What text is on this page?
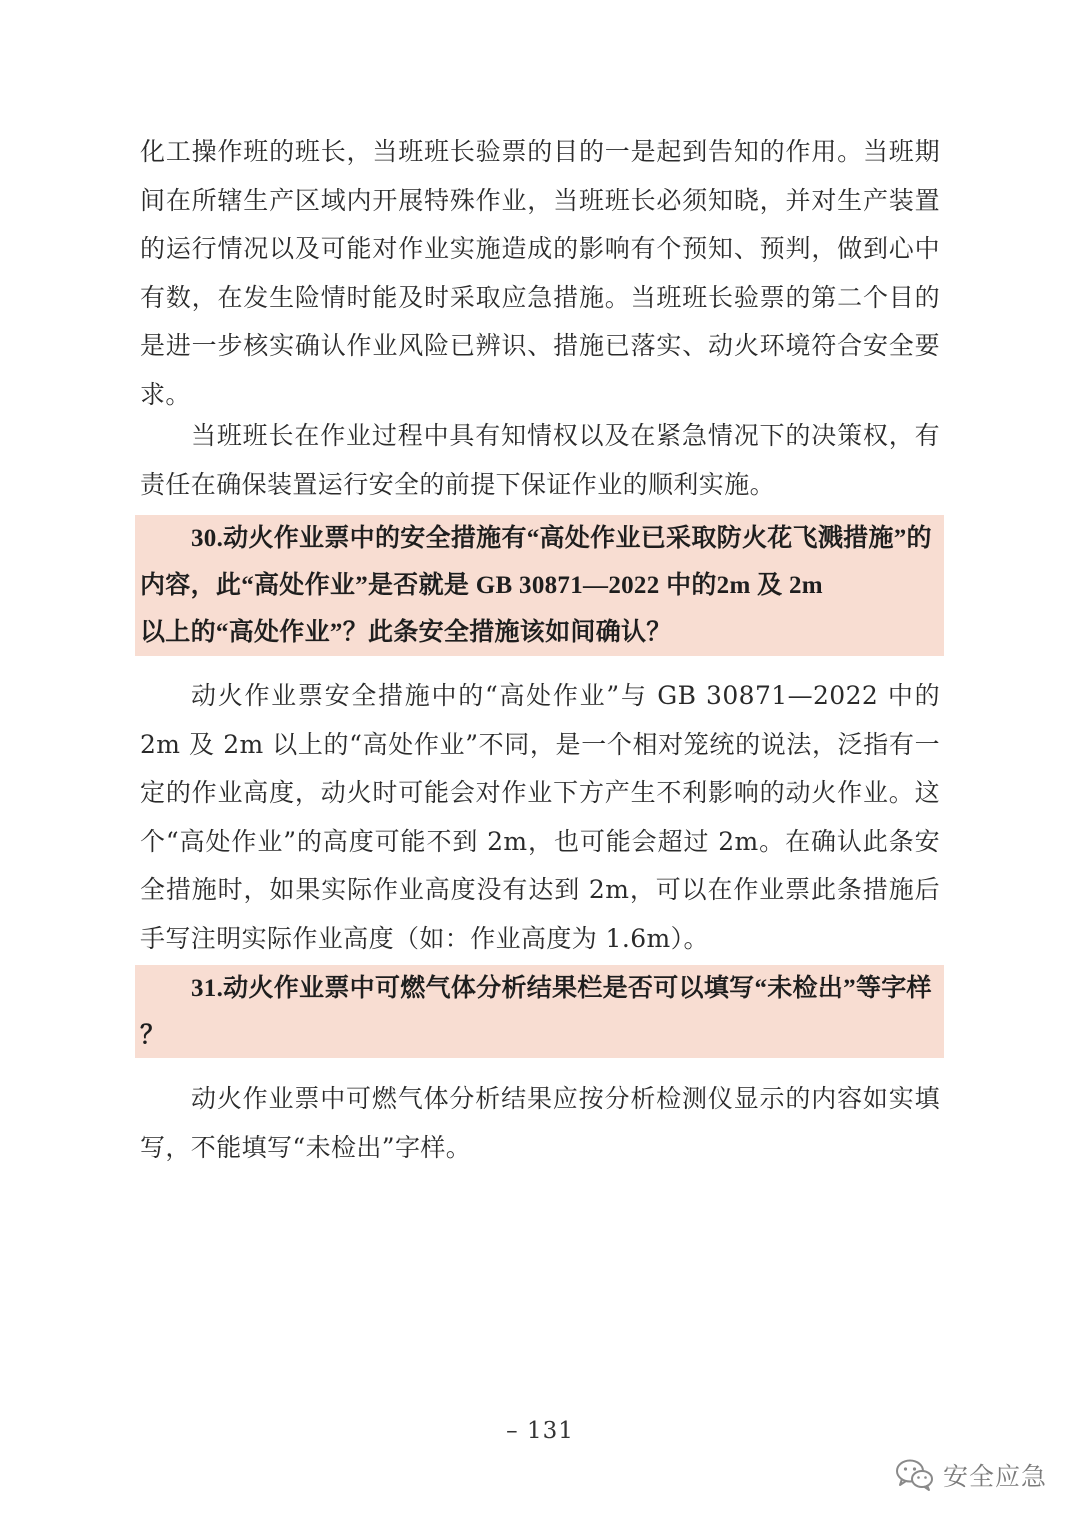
化工操作班的班长，当班班长验票的目的一是起到告知的作用。当班期间在所辖生产区域内开展特殊作业，当班班长必须知晓，并对生产装置的运行情况以及可能对作业实施造成的影响有个预知、预判，做到心中有数，在发生险情时能及时采取应急措施。当班班长验票的第二个目的是进一步核实确认作业风险已辨识、措施已落实、动火环境符合安全要求。

当班班长在作业过程中具有知情权以及在紧急情况下的决策权，有责任在确保装置运行安全的前提下保证作业的顺利实施。

30.动火作业票中的安全措施有“高处作业已采取防火花飞溅措施”的
内容，此“高处作业”是否就是 GB 30871—2022 中的2m 及 2m
以上的“高处作业”？此条安全措施该如间确认？

动火作业票安全措施中的“高处作业”与 GB 30871—2022 中的 2m 及 2m 以上的“高处作业”不同，是一个相对笼统的说法，泛指有一定的作业高度，动火时可能会对作业下方产生不利影响的动火作业。这个“高处作业”的高度可能不到 2m，也可能会超过 2m。在确认此条安全措施时，如果实际作业高度没有达到 2m，可以在作业票此条措施后手写注明实际作业高度（如：作业高度为 1.6m）。

31.动火作业票中可燃气体分析结果栏是否可以填写“未检出”等字样
？

动火作业票中可燃气体分析结果应按分析检测仪显示的内容如实填写，不能填写“未检出”字样。

– 131
安全应急
